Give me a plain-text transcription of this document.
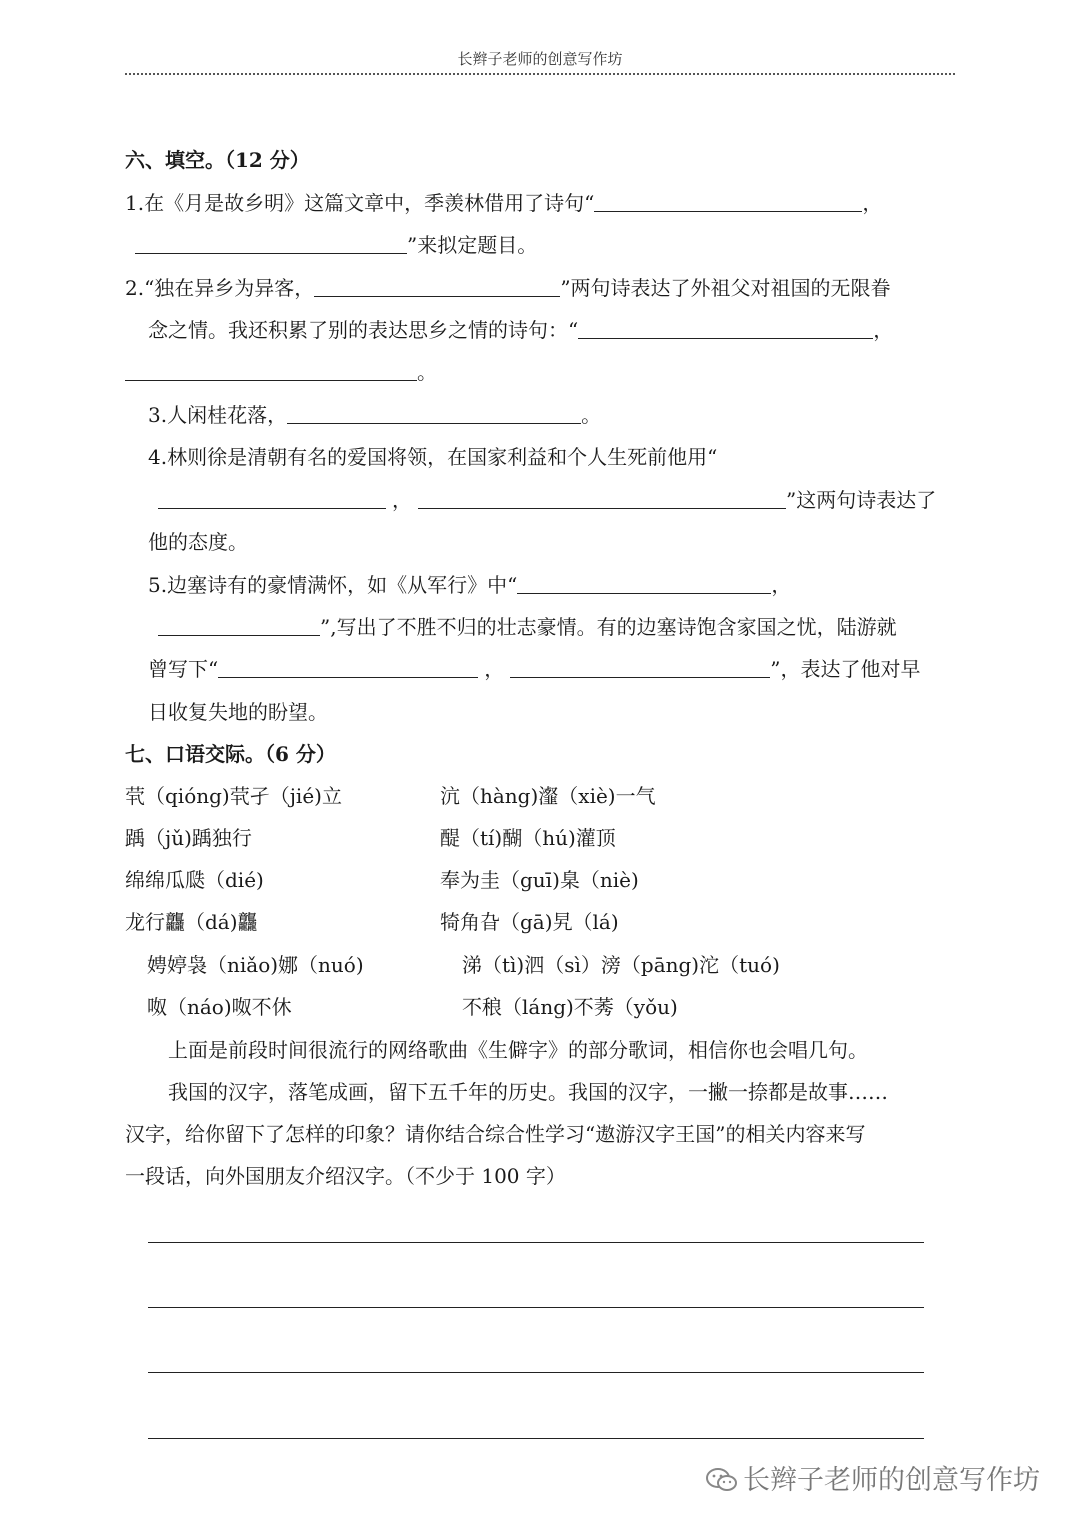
长辫子老师的创意写作坊
六、填空。（12 分）
1.在《月是故乡明》这篇文章中，季羡林借用了诗句“	，
”来拟定题目。
2.“独在异乡为异客，	”两句诗表达了外祖父对祖国的无限眷
念之情。我还积累了别的表达思乡之情的诗句：“	，
。
3.人闲桂花落，	。
4.林则徐是清朝有名的爱国将领，在国家利益和个人生死前他用“
，	”这两句诗表达了
他的态度。
5.边塞诗有的豪情满怀，如《从军行》中“	，
”,写出了不胜不归的壮志豪情。有的边塞诗饱含家国之忧，陆游就
曾写下“	，	”，表达了他对早
日收复失地的盼望。
七、口语交际。（6 分）
茕（qióng)茕孑（jié)立	沆（hàng)瀣（xiè)一气
踽（jǔ)踽独行	醍（tí)醐（hú)灌顶
绵绵瓜瓞（dié)	奉为圭（guī)臬（niè)
龙行龘（dá)龘	犄角旮（gā)旯（lá)
娉婷袅（niǎo)娜（nuó)	涕（tì)泗（sì）滂（pāng)沱（tuó)
呶（náo)呶不休	不稂（láng)不莠（yǒu)
上面是前段时间很流行的网络歌曲《生僻字》的部分歌词，相信你也会唱几句。
我国的汉字，落笔成画，留下五千年的历史。我国的汉字，一撇一捺都是故事……
汉字，给你留下了怎样的印象？请你结合综合性学习“遨游汉字王国”的相关内容来写
一段话，向外国朋友介绍汉字。（不少于 100 字）
长辫子老师的创意写作坊
